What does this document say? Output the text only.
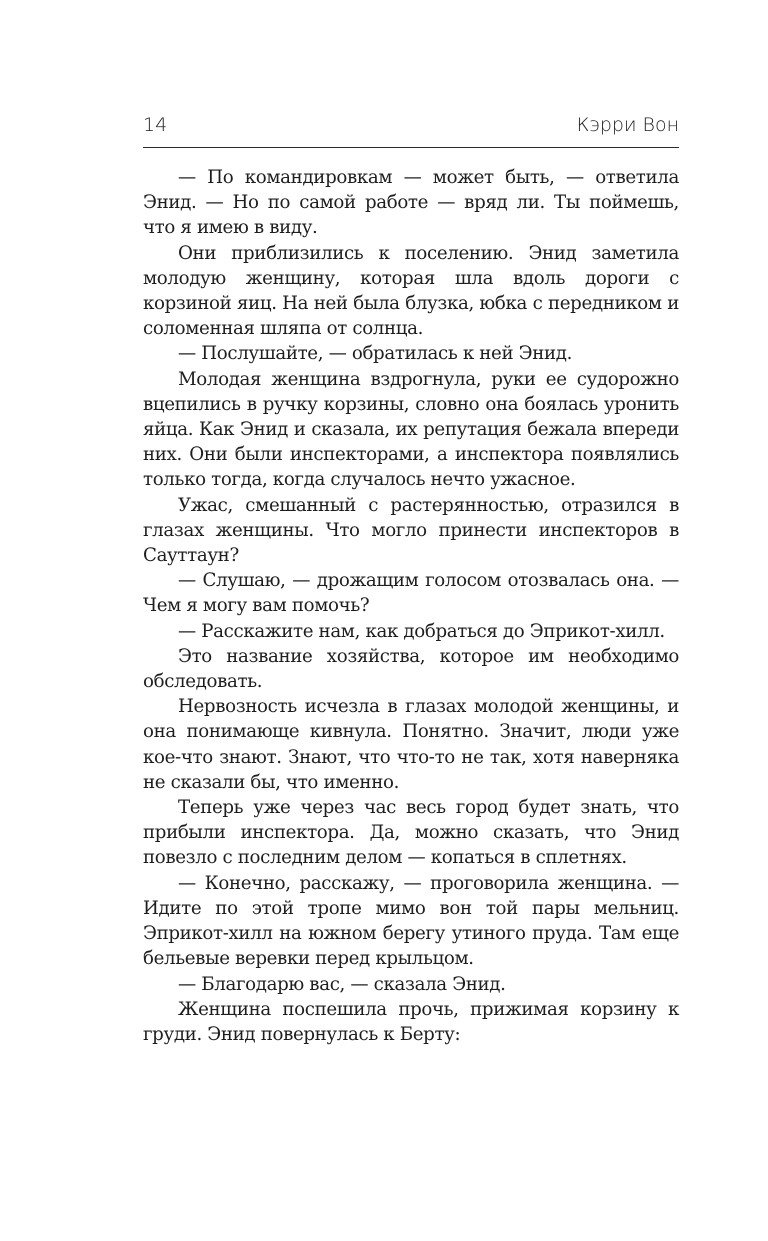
14	Кэрри Вон

— По командировкам — может быть, — ответила Энид. — Но по самой работе — вряд ли. Ты поймешь, что я имею в виду.

Они приблизились к поселению. Энид заметила молодую женщину, которая шла вдоль дороги с корзиной яиц. На ней была блузка, юбка с передником и соломенная шляпа от солнца.

— Послушайте, — обратилась к ней Энид.

Молодая женщина вздрогнула, руки ее судорожно вцепились в ручку корзины, словно она боялась уронить яйца. Как Энид и сказала, их репутация бежала впереди них. Они были инспекторами, а инспектора появлялись только тогда, когда случалось нечто ужасное.

Ужас, смешанный с растерянностью, отразился в глазах женщины. Что могло принести инспекторов в Сауттаун?

— Слушаю, — дрожащим голосом отозвалась она. — Чем я могу вам помочь?

— Расскажите нам, как добраться до Эприкот-хилл.

Это название хозяйства, которое им необходимо обследовать.

Нервозность исчезла в глазах молодой женщины, и она понимающе кивнула. Понятно. Значит, люди уже кое-что знают. Знают, что что-то не так, хотя наверняка не сказали бы, что именно.

Теперь уже через час весь город будет знать, что прибыли инспектора. Да, можно сказать, что Энид повезло с последним делом — копаться в сплетнях.

— Конечно, расскажу, — проговорила женщина. — Идите по этой тропе мимо вон той пары мельниц. Эприкот-хилл на южном берегу утиного пруда. Там еще бельевые веревки перед крыльцом.

— Благодарю вас, — сказала Энид.

Женщина поспешила прочь, прижимая корзину к груди. Энид повернулась к Берту:
